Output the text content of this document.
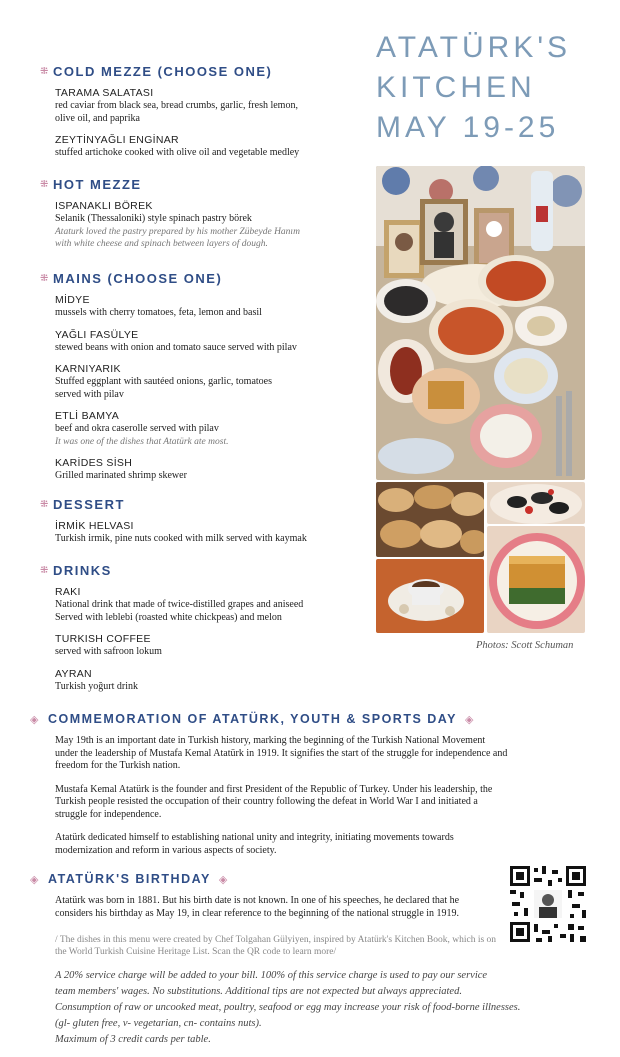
⁜ COLD MEZZE (CHOOSE ONE)
TARAMA SALATASI
red caviar from black sea, bread crumbs, garlic, fresh lemon,
olive oil, and paprika
ZEYTİNYAĞLI ENGİNAR
stuffed artichoke cooked with olive oil and vegetable medley
⁜ HOT MEZZE
ISPANAKLI BÖREK
Selanik (Thessaloniki) style spinach pastry börek
Ataturk loved the pastry prepared by his mother Zübeyde Hanım with white cheese and spinach between layers of dough.
⁜ MAINS (CHOOSE ONE)
MİDYE
mussels with cherry tomatoes, feta, lemon and basil
YAĞLI FASÜLYE
stewed beans with onion and tomato sauce served with pilav
KARNIYARIK
Stuffed eggplant with sautéed onions, garlic, tomatoes
served with pilav
ETLİ BAMYA
beef and okra caserolle served with pilav
It was one of the dishes that Atatürk ate most.
KARİDES SİSH
Grilled marinated shrimp skewer
⁜ DESSERT
İRMİK HELVASI
Turkish irmik, pine nuts cooked with milk served with kaymak
⁜ DRINKS
RAKI
National drink that made of twice-distilled grapes and aniseed
Served with leblebi (roasted white chickpeas) and melon
TURKISH COFFEE
served with safroon lokum
AYRAN
Turkish yoğurt drink
ATATÜRK'S
KITCHEN
MAY 19-25
Photos: Scott Schuman
◈ COMMEMORATION OF ATATÜRK, YOUTH & SPORTS DAY ◈

May 19th is an important date in Turkish history, marking the beginning of the Turkish National Movement under the leadership of Mustafa Kemal Atatürk in 1919. It signifies the start of the struggle for independence and freedom for the Turkish nation.

Mustafa Kemal Atatürk is the founder and first President of the Republic of Turkey. Under his leadership, the Turkish people resisted the occupation of their country following the defeat in World War I and initiated a struggle for independence.

Atatürk dedicated himself to establishing national unity and integrity, initiating movements towards modernization and reform in various aspects of society.

◈ ATATÜRK'S BIRTHDAY ◈

Atatürk was born in 1881. But his birth date is not known. In one of his speeches, he declared that he considers his birthday as May 19, in clear reference to the beginning of the national struggle in 1919.

/ The dishes in this menu were created by Chef Tolgahan Gülyiyen, inspired by Atatürk's Kitchen Book, which is on the World Turkish Cuisine Heritage List. Scan the QR code to learn more/
A 20% service charge will be added to your bill. 100% of this service charge is used to pay our service
team members' wages. No substitutions. Additional tips are not expected but always appreciated.
Consumption of raw or uncooked meat, poultry, seafood or egg may increase your risk of food-borne illnesses.
(gl- gluten free, v- vegetarian, cn- contains nuts).
Maximum of 3 credit cards per table.
